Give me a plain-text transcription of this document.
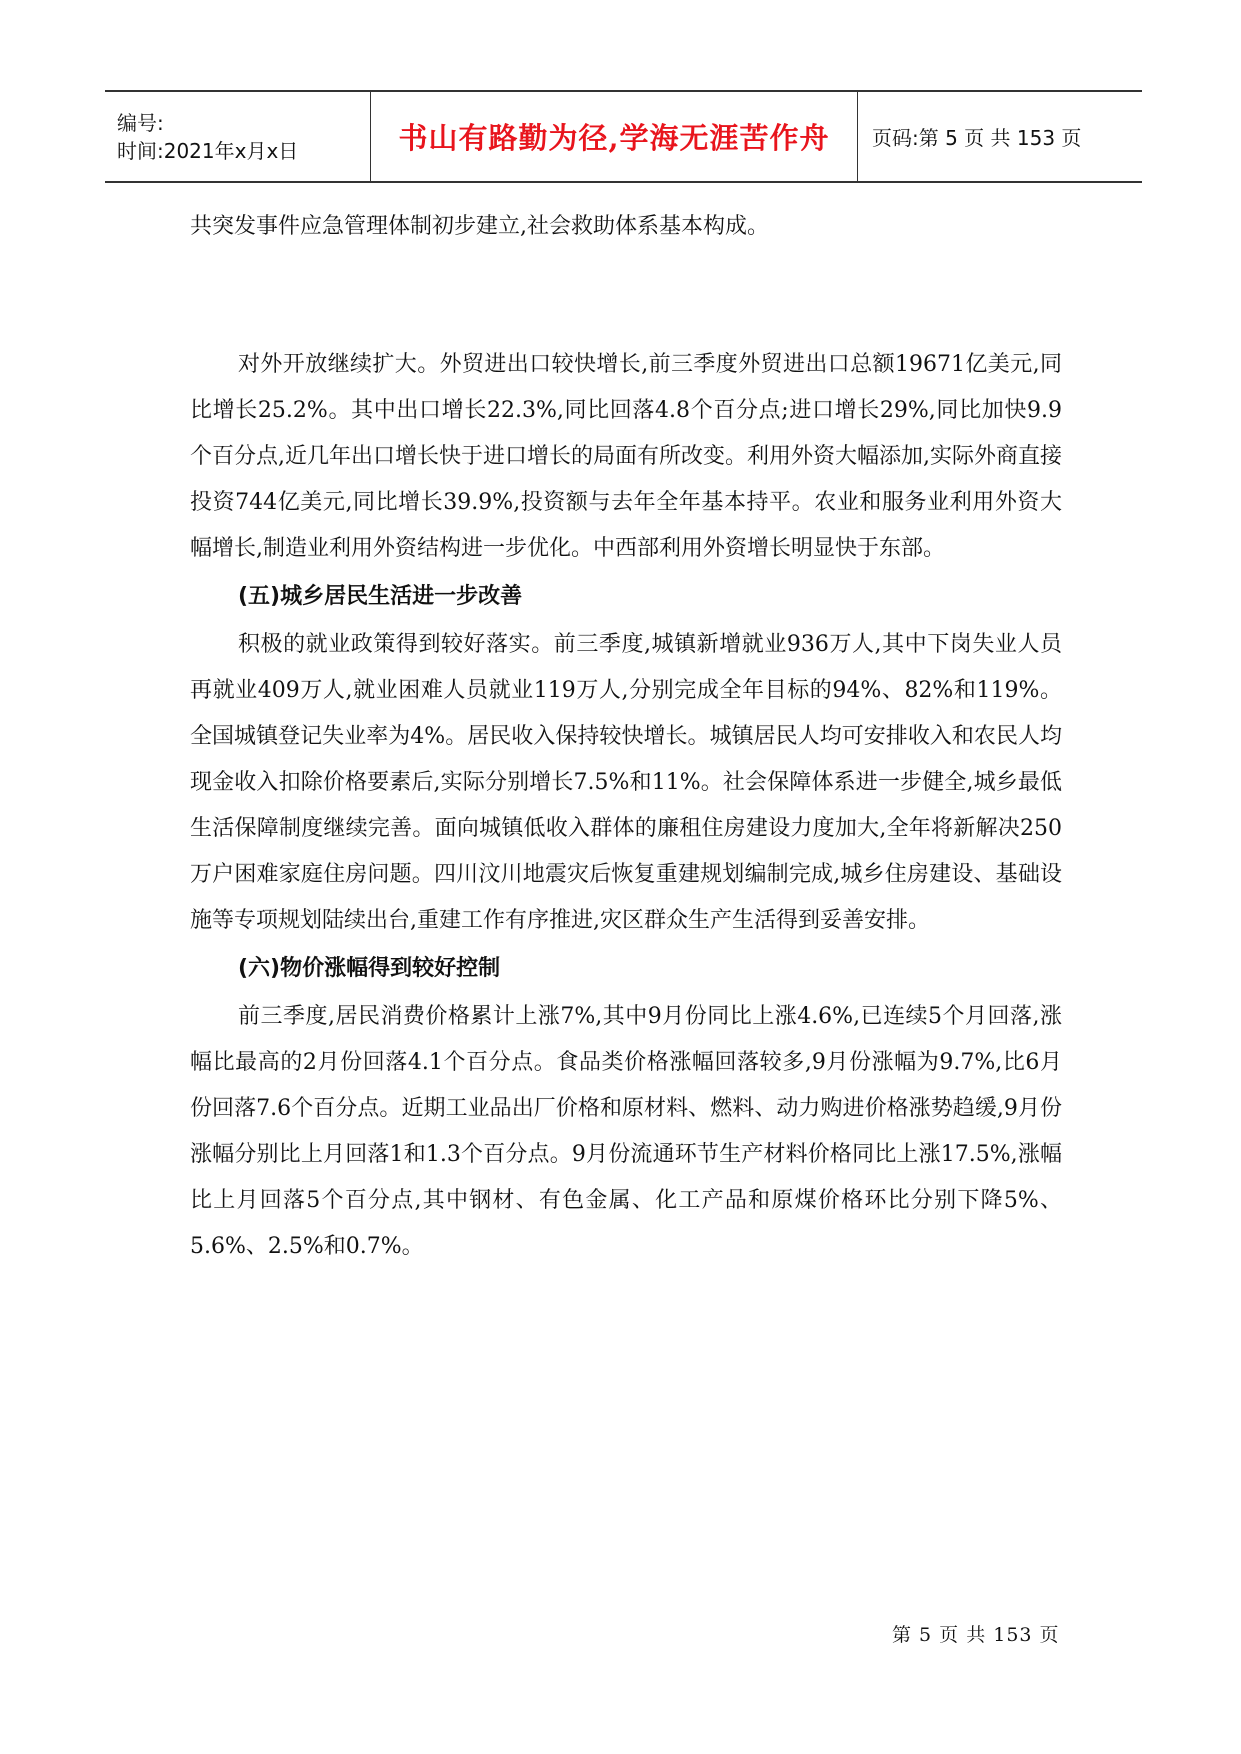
编号:
时间:2021年x月x日	书山有路勤为径,学海无涯苦作舟	页码:第 5 页 共 153 页

共突发事件应急管理体制初步建立,社会救助体系基本构成。

对外开放继续扩大。外贸进出口较快增长,前三季度外贸进出口总额19671亿美元,同比增长25.2%。其中出口增长22.3%,同比回落4.8个百分点;进口增长29%,同比加快9.9个百分点,近几年出口增长快于进口增长的局面有所改变。利用外资大幅添加,实际外商直接投资744亿美元,同比增长39.9%,投资额与去年全年基本持平。农业和服务业利用外资大幅增长,制造业利用外资结构进一步优化。中西部利用外资增长明显快于东部。

(五)城乡居民生活进一步改善

积极的就业政策得到较好落实。前三季度,城镇新增就业936万人,其中下岗失业人员再就业409万人,就业困难人员就业119万人,分别完成全年目标的94%、82%和119%。全国城镇登记失业率为4%。居民收入保持较快增长。城镇居民人均可安排收入和农民人均现金收入扣除价格要素后,实际分别增长7.5%和11%。社会保障体系进一步健全,城乡最低生活保障制度继续完善。面向城镇低收入群体的廉租住房建设力度加大,全年将新解决250万户困难家庭住房问题。四川汶川地震灾后恢复重建规划编制完成,城乡住房建设、基础设施等专项规划陆续出台,重建工作有序推进,灾区群众生产生活得到妥善安排。

(六)物价涨幅得到较好控制

前三季度,居民消费价格累计上涨7%,其中9月份同比上涨4.6%,已连续5个月回落,涨幅比最高的2月份回落4.1个百分点。食品类价格涨幅回落较多,9月份涨幅为9.7%,比6月份回落7.6个百分点。近期工业品出厂价格和原材料、燃料、动力购进价格涨势趋缓,9月份涨幅分别比上月回落1和1.3个百分点。9月份流通环节生产材料价格同比上涨17.5%,涨幅比上月回落5个百分点,其中钢材、有色金属、化工产品和原煤价格环比分别下降5%、5.6%、2.5%和0.7%。

第 5 页 共 153 页
